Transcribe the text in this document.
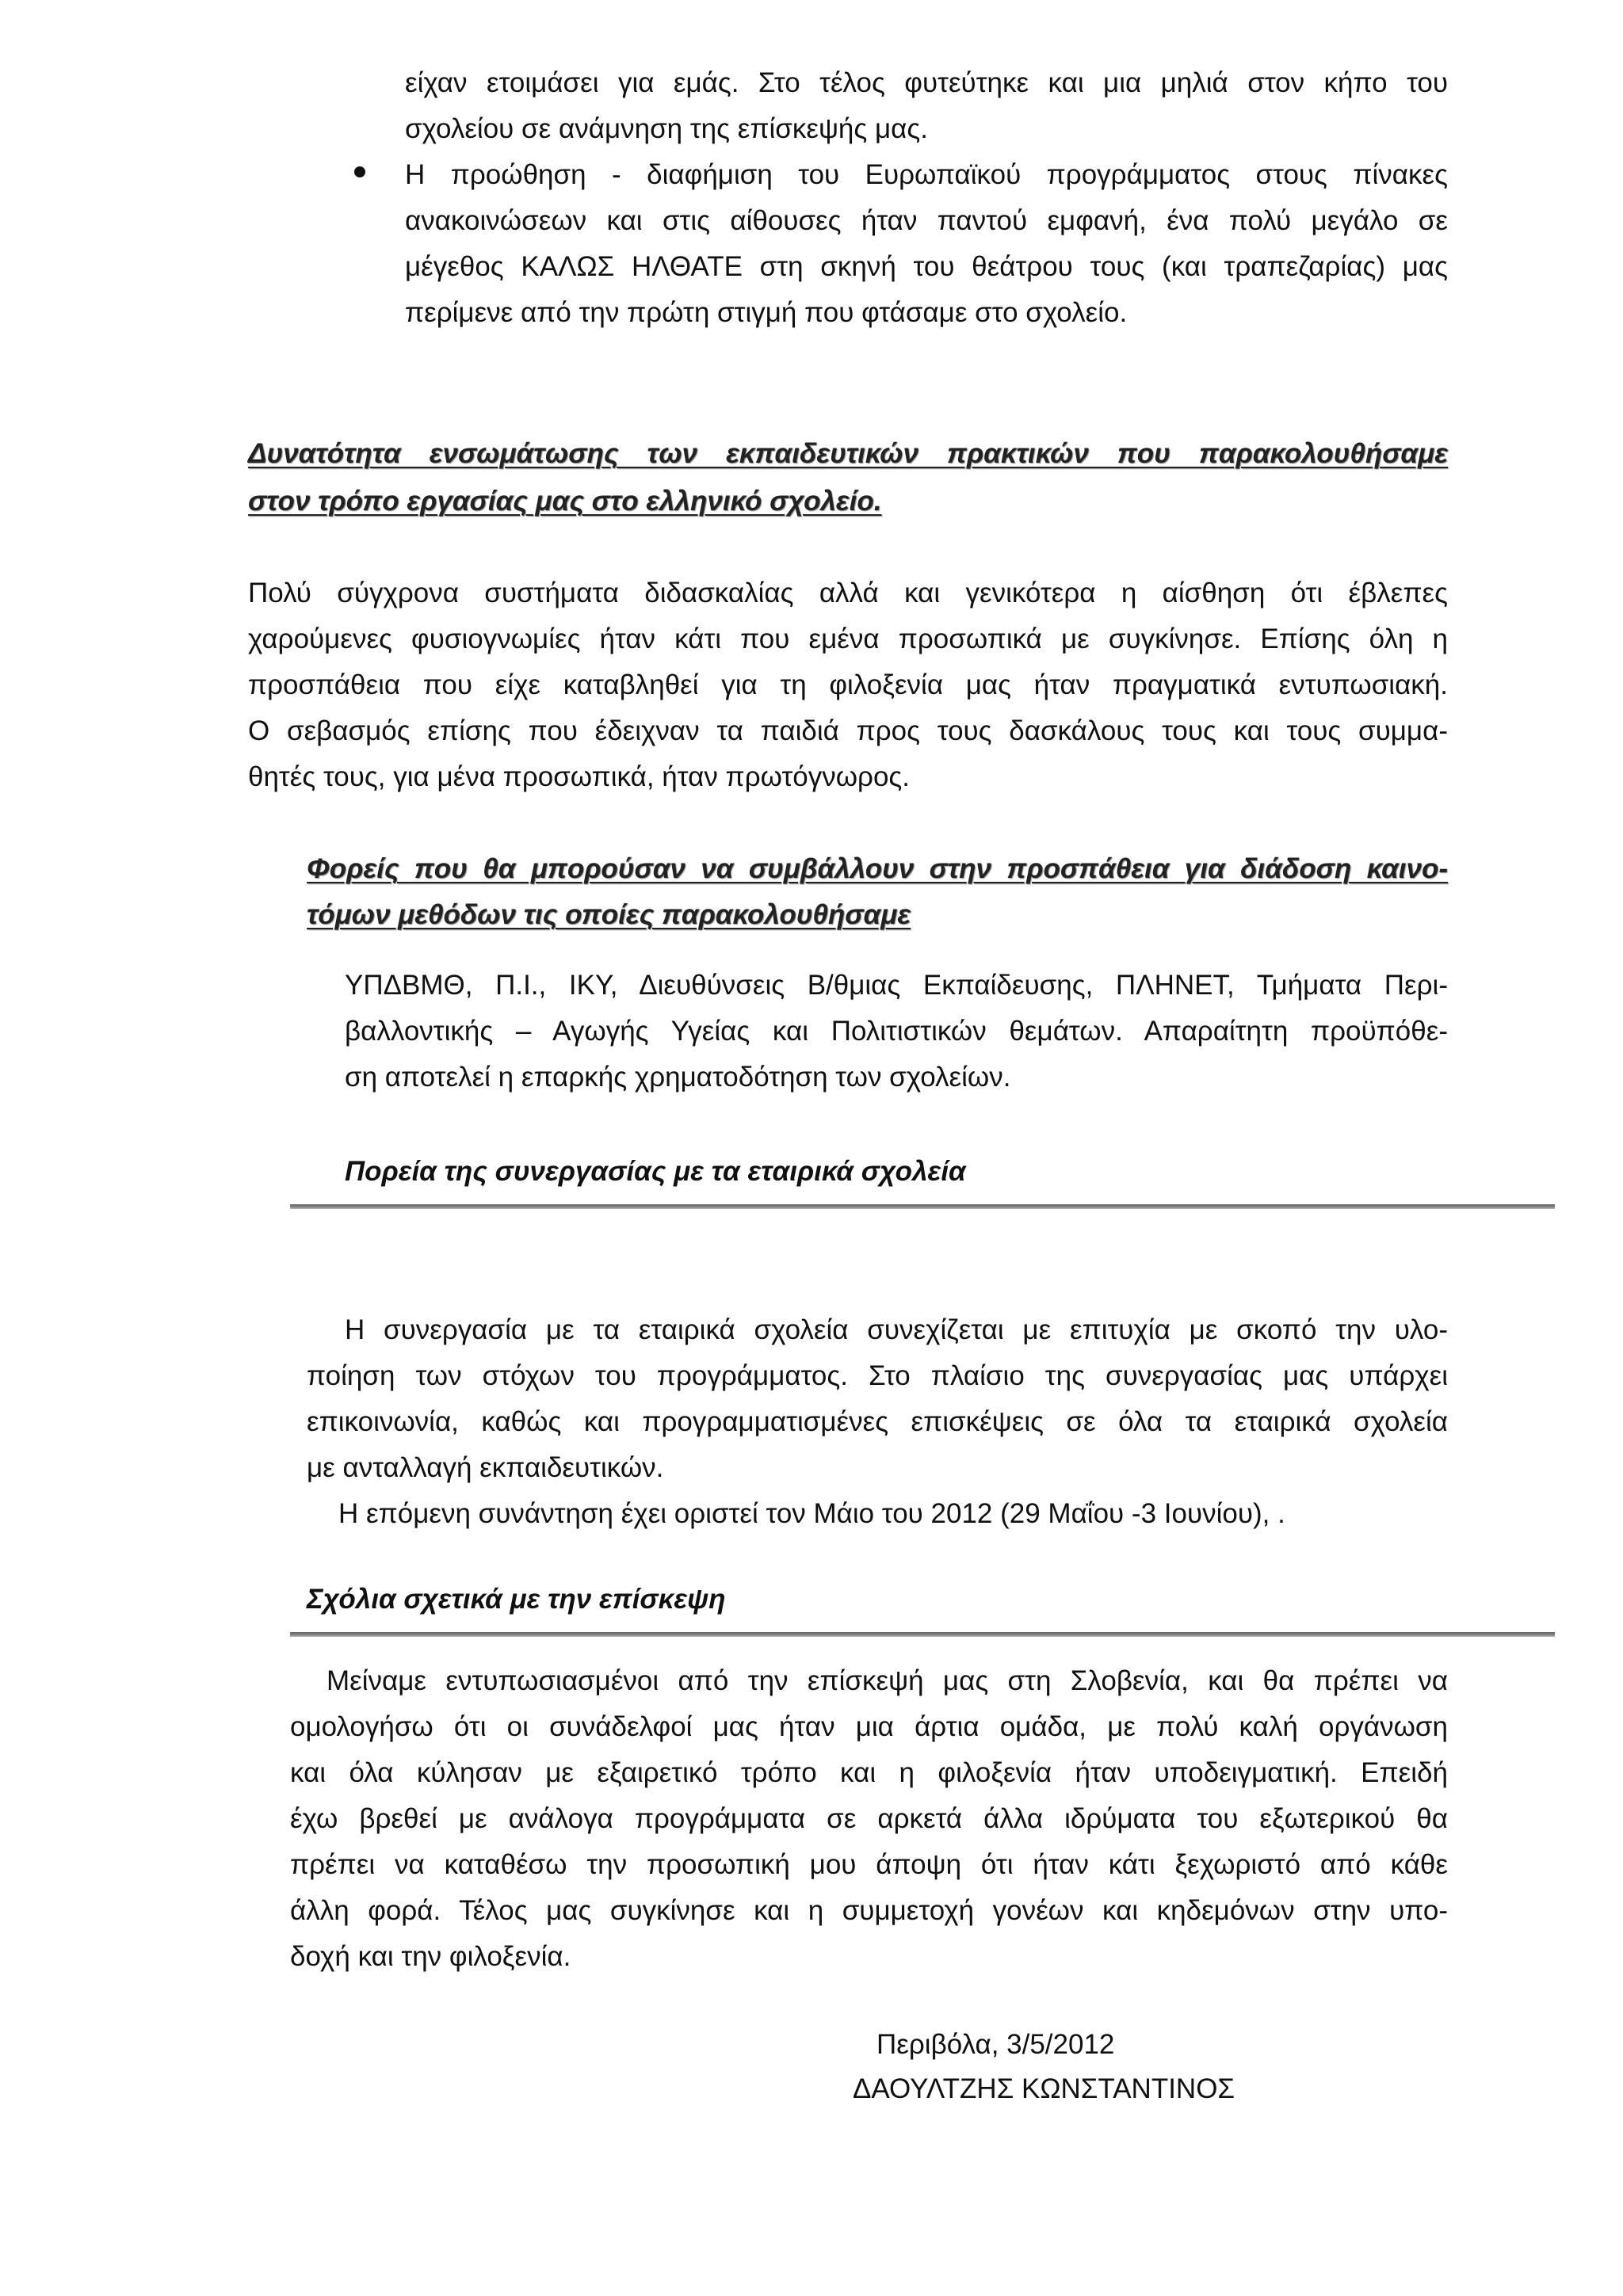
είχαν ετοιμάσει για εμάς. Στο τέλος φυτεύτηκε και μια μηλιά στον κήπο του
σχολείου σε ανάμνηση της επίσκεψής μας.
Η προώθηση - διαφήμιση του Ευρωπαϊκού προγράμματος στους πίνακες
ανακοινώσεων και στις αίθουσες ήταν παντού εμφανή, ένα πολύ μεγάλο σε
μέγεθος ΚΑΛΩΣ ΗΛΘΑΤΕ στη σκηνή του θεάτρου τους (και τραπεζαρίας) μας
περίμενε από την πρώτη στιγμή που φτάσαμε στο σχολείο.
Δυνατότητα ενσωμάτωσης των εκπαιδευτικών πρακτικών που παρακολουθήσαμε
στον τρόπο εργασίας μας στο ελληνικό σχολείο.
Πολύ σύγχρονα συστήματα διδασκαλίας αλλά και γενικότερα η αίσθηση ότι έβλεπες
χαρούμενες φυσιογνωμίες ήταν κάτι που εμένα προσωπικά με συγκίνησε. Επίσης όλη η
προσπάθεια που είχε καταβληθεί για τη φιλοξενία μας ήταν πραγματικά εντυπωσιακή.
Ο σεβασμός επίσης που έδειχναν τα παιδιά προς τους δασκάλους τους και τους συμμα-
θητές τους, για μένα προσωπικά, ήταν πρωτόγνωρος.
Φορείς που θα μπορούσαν να συμβάλλουν στην προσπάθεια για διάδοση καινο-
τόμων μεθόδων τις οποίες παρακολουθήσαμε
ΥΠΔΒΜΘ, Π.Ι., ΙΚΥ, Διευθύνσεις Β/θμιας Εκπαίδευσης, ΠΛΗΝΕΤ, Τμήματα Περι-
βαλλοντικής – Αγωγής Υγείας και Πολιτιστικών θεμάτων. Απαραίτητη προϋπόθε-
ση αποτελεί η επαρκής χρηματοδότηση των σχολείων.
Πορεία της συνεργασίας με τα εταιρικά σχολεία
Η συνεργασία με τα εταιρικά σχολεία συνεχίζεται με επιτυχία με σκοπό την υλο-
ποίηση των στόχων του προγράμματος. Στο πλαίσιο της συνεργασίας μας υπάρχει
επικοινωνία, καθώς και προγραμματισμένες επισκέψεις σε όλα τα εταιρικά σχολεία
με ανταλλαγή εκπαιδευτικών.
Η επόμενη συνάντηση έχει οριστεί τον Μάιο του 2012 (29 Μαΐου -3 Ιουνίου), .
Σχόλια σχετικά με την επίσκεψη
Μείναμε εντυπωσιασμένοι από την επίσκεψή μας στη Σλοβενία, και θα πρέπει να
ομολογήσω ότι οι συνάδελφοί μας ήταν μια άρτια ομάδα, με πολύ καλή οργάνωση
και όλα κύλησαν με εξαιρετικό τρόπο και η φιλοξενία ήταν υποδειγματική. Επειδή
έχω βρεθεί με ανάλογα προγράμματα σε αρκετά άλλα ιδρύματα του εξωτερικού θα
πρέπει να καταθέσω την προσωπική μου άποψη ότι ήταν κάτι ξεχωριστό από κάθε
άλλη φορά. Τέλος μας συγκίνησε και η συμμετοχή γονέων και κηδεμόνων στην υπο-
δοχή και την φιλοξενία.
Περιβόλα, 3/5/2012
ΔΑΟΥΛΤΖΗΣ ΚΩΝΣΤΑΝΤΙΝΟΣ
